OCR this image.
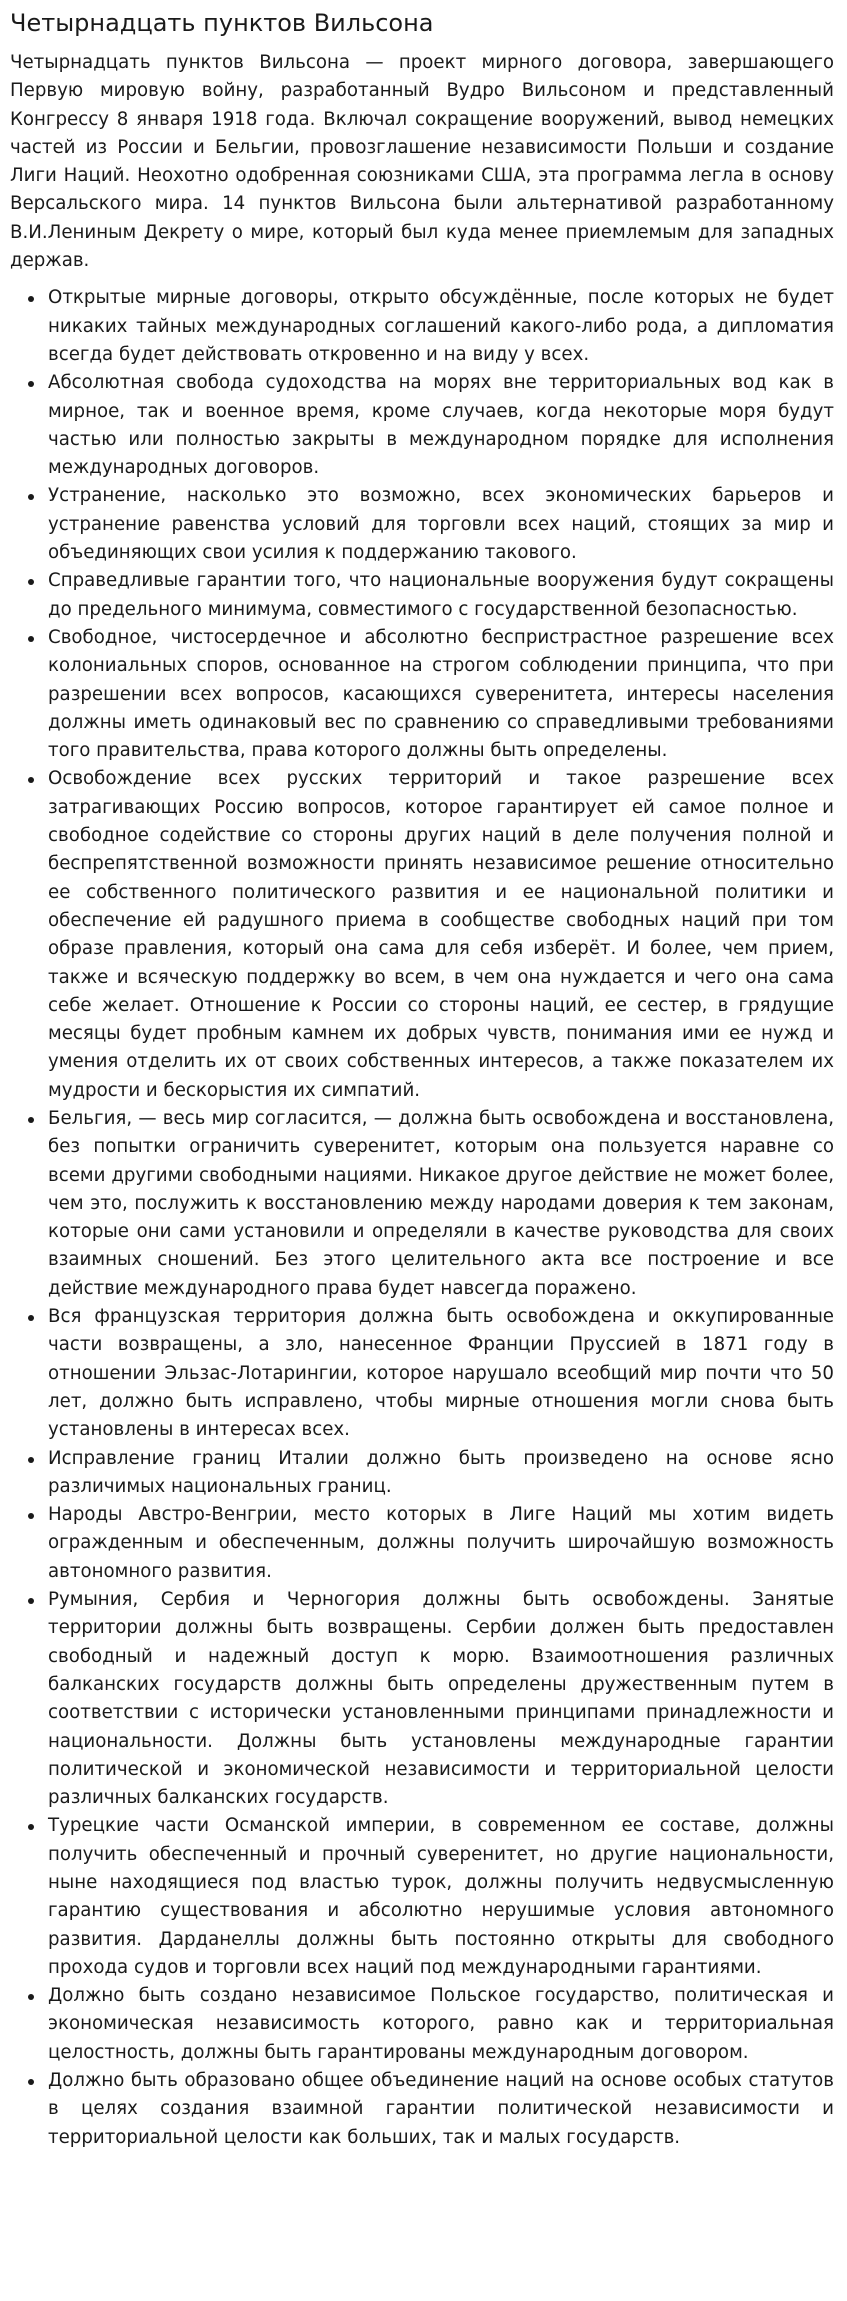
Четырнадцать пунктов Вильсона

Четырнадцать пунктов Вильсона — проект мирного договора, завершающего Первую мировую войну, разработанный Вудро Вильсоном и представленный Конгрессу 8 января 1918 года. Включал сокращение вооружений, вывод немецких частей из России и Бельгии, провозглашение независимости Польши и создание Лиги Наций. Неохотно одобренная союзниками США, эта программа легла в основу Версальского мира. 14 пунктов Вильсона были альтернативой разработанному В.И.Лениным Декрету о мире, который был куда менее приемлемым для западных держав.

Открытые мирные договоры, открыто обсуждённые, после которых не будет никаких тайных международных соглашений какого-либо рода, а дипломатия всегда будет действовать откровенно и на виду у всех.
Абсолютная свобода судоходства на морях вне территориальных вод как в мирное, так и военное время, кроме случаев, когда некоторые моря будут частью или полностью закрыты в международном порядке для исполнения международных договоров.
Устранение, насколько это возможно, всех экономических барьеров и устранение равенства условий для торговли всех наций, стоящих за мир и объединяющих свои усилия к поддержанию такового.
Справедливые гарантии того, что национальные вооружения будут сокращены до предельного минимума, совместимого с государственной безопасностью.
Свободное, чистосердечное и абсолютно беспристрастное разрешение всех колониальных споров, основанное на строгом соблюдении принципа, что при разрешении всех вопросов, касающихся суверенитета, интересы населения должны иметь одинаковый вес по сравнению со справедливыми требованиями того правительства, права которого должны быть определены.
Освобождение всех русских территорий и такое разрешение всех затрагивающих Россию вопросов, которое гарантирует ей самое полное и свободное содействие со стороны других наций в деле получения полной и беспрепятственной возможности принять независимое решение относительно ее собственного политического развития и ее национальной политики и обеспечение ей радушного приема в сообществе свободных наций при том образе правления, который она сама для себя изберёт. И более, чем прием, также и всяческую поддержку во всем, в чем она нуждается и чего она сама себе желает. Отношение к России со стороны наций, ее сестер, в грядущие месяцы будет пробным камнем их добрых чувств, понимания ими ее нужд и умения отделить их от своих собственных интересов, а также показателем их мудрости и бескорыстия их симпатий.
Бельгия, — весь мир согласится, — должна быть освобождена и восстановлена, без попытки ограничить суверенитет, которым она пользуется наравне со всеми другими свободными нациями. Никакое другое действие не может более, чем это, послужить к восстановлению между народами доверия к тем законам, которые они сами установили и определяли в качестве руководства для своих взаимных сношений. Без этого целительного акта все построение и все действие международного права будет навсегда поражено.
Вся французская территория должна быть освобождена и оккупированные части возвращены, а зло, нанесенное Франции Пруссией в 1871 году в отношении Эльзас-Лотарингии, которое нарушало всеобщий мир почти что 50 лет, должно быть исправлено, чтобы мирные отношения могли снова быть установлены в интересах всех.
Исправление границ Италии должно быть произведено на основе ясно различимых национальных границ.
Народы Австро-Венгрии, место которых в Лиге Наций мы хотим видеть огражденным и обеспеченным, должны получить широчайшую возможность автономного развития.
Румыния, Сербия и Черногория должны быть освобождены. Занятые территории должны быть возвращены. Сербии должен быть предоставлен свободный и надежный доступ к морю. Взаимоотношения различных балканских государств должны быть определены дружественным путем в соответствии с исторически установленными принципами принадлежности и национальности. Должны быть установлены международные гарантии политической и экономической независимости и территориальной целости различных балканских государств.
Турецкие части Османской империи, в современном ее составе, должны получить обеспеченный и прочный суверенитет, но другие национальности, ныне находящиеся под властью турок, должны получить недвусмысленную гарантию существования и абсолютно нерушимые условия автономного развития. Дарданеллы должны быть постоянно открыты для свободного прохода судов и торговли всех наций под международными гарантиями.
Должно быть создано независимое Польское государство, политическая и экономическая независимость которого, равно как и территориальная целостность, должны быть гарантированы международным договором.
Должно быть образовано общее объединение наций на основе особых статутов в целях создания взаимной гарантии политической независимости и территориальной целости как больших, так и малых государств.
